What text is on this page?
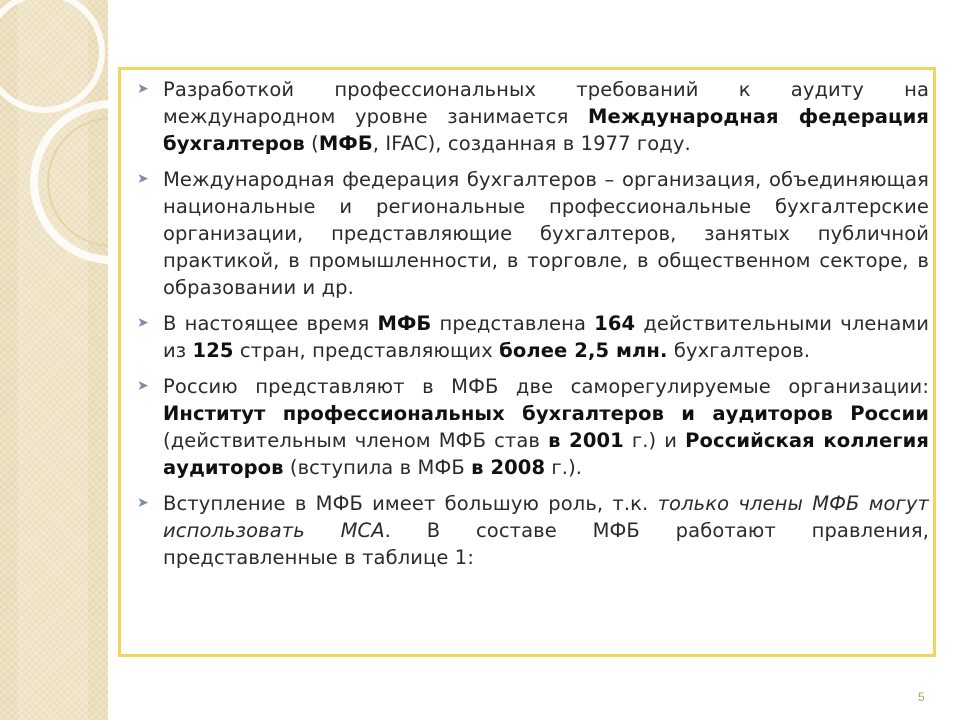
➤ Разработкой профессиональных требований к аудиту на международном уровне занимается Международная федерация бухгалтеров (МФБ, IFAC), созданная в 1977 году.
➤ Международная федерация бухгалтеров – организация, объединяющая национальные и региональные профессиональные бухгалтерские организации, представляющие бухгалтеров, занятых публичной практикой, в промышленности, в торговле, в общественном секторе, в образовании и др.
➤ В настоящее время МФБ представлена 164 действительными членами из 125 стран, представляющих более 2,5 млн. бухгалтеров.
➤ Россию представляют в МФБ две саморегулируемые организации: Институт профессиональных бухгалтеров и аудиторов России (действительным членом МФБ став в 2001 г.) и Российская коллегия аудиторов (вступила в МФБ в 2008 г.).
➤ Вступление в МФБ имеет большую роль, т.к. только члены МФБ могут использовать МСА. В составе МФБ работают правления, представленные в таблице 1:
5
